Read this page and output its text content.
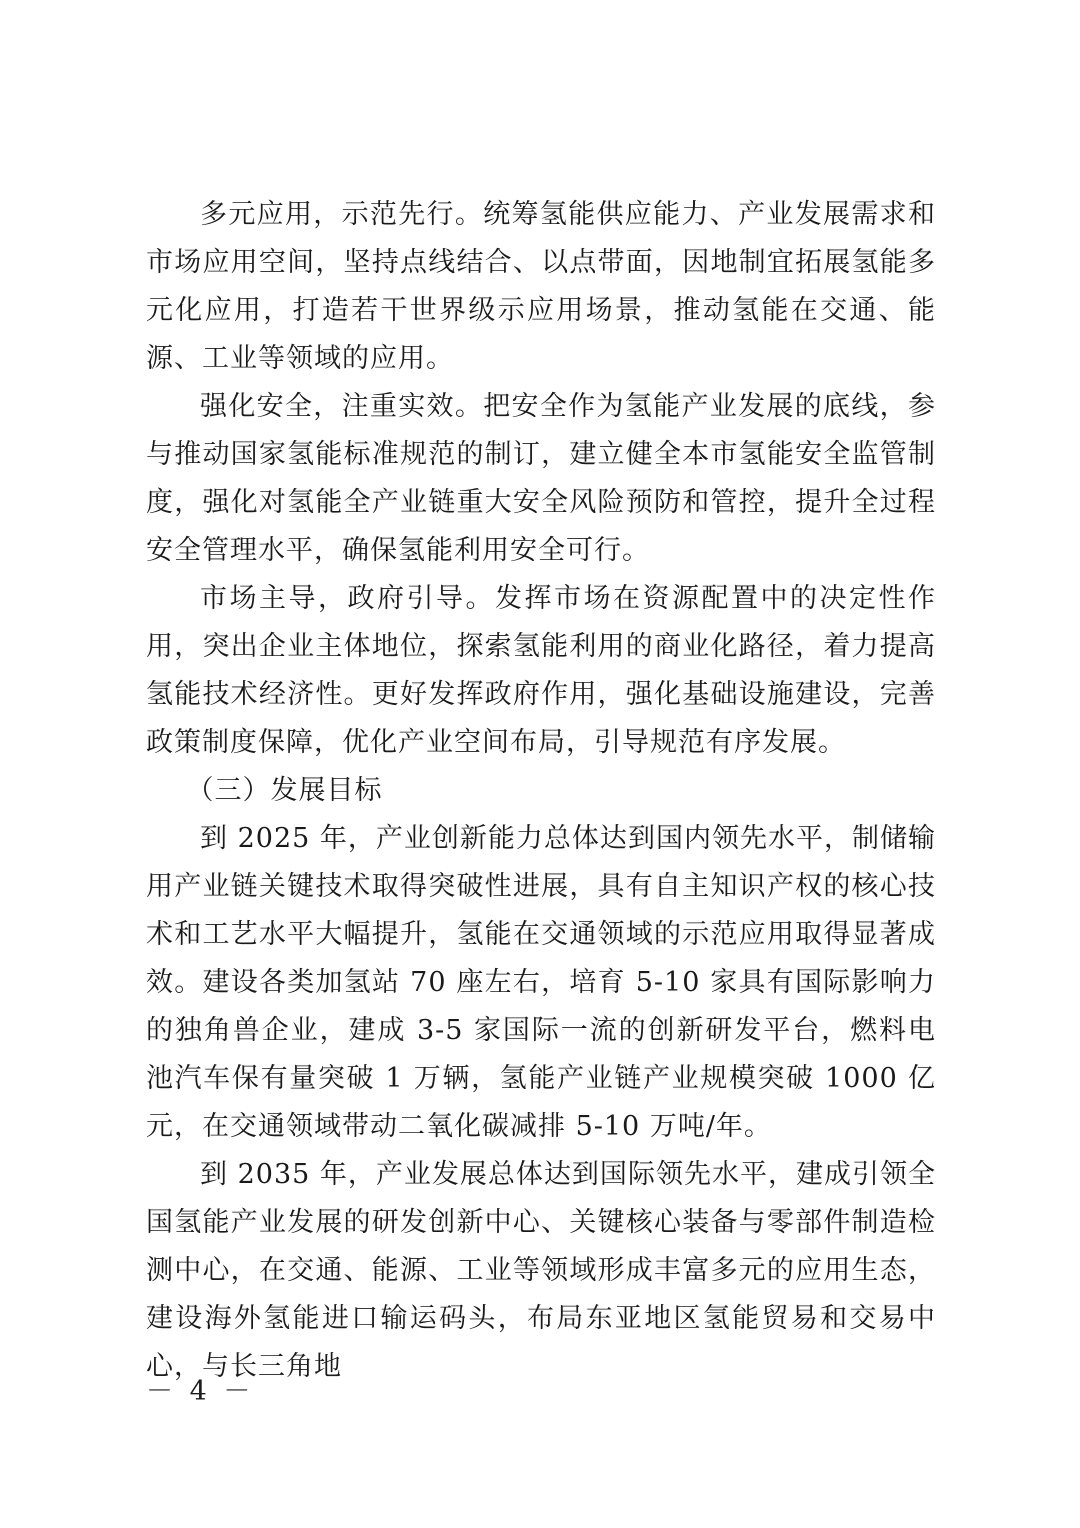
多元应用，示范先行。统筹氢能供应能力、产业发展需求和市场应用空间，坚持点线结合、以点带面，因地制宜拓展氢能多元化应用，打造若干世界级示应用场景，推动氢能在交通、能源、工业等领域的应用。

强化安全，注重实效。把安全作为氢能产业发展的底线，参与推动国家氢能标准规范的制订，建立健全本市氢能安全监管制度，强化对氢能全产业链重大安全风险预防和管控，提升全过程安全管理水平，确保氢能利用安全可行。

市场主导，政府引导。发挥市场在资源配置中的决定性作用，突出企业主体地位，探索氢能利用的商业化路径，着力提高氢能技术经济性。更好发挥政府作用，强化基础设施建设，完善政策制度保障，优化产业空间布局，引导规范有序发展。

（三）发展目标

到 2025 年，产业创新能力总体达到国内领先水平，制储输用产业链关键技术取得突破性进展，具有自主知识产权的核心技术和工艺水平大幅提升，氢能在交通领域的示范应用取得显著成效。建设各类加氢站 70 座左右，培育 5-10 家具有国际影响力的独角兽企业，建成 3-5 家国际一流的创新研发平台，燃料电池汽车保有量突破 1 万辆，氢能产业链产业规模突破 1000 亿元，在交通领域带动二氧化碳减排 5-10 万吨/年。

到 2035 年，产业发展总体达到国际领先水平，建成引领全国氢能产业发展的研发创新中心、关键核心装备与零部件制造检测中心，在交通、能源、工业等领域形成丰富多元的应用生态，建设海外氢能进口输运码头，布局东亚地区氢能贸易和交易中心，与长三角地

－ 4 －
